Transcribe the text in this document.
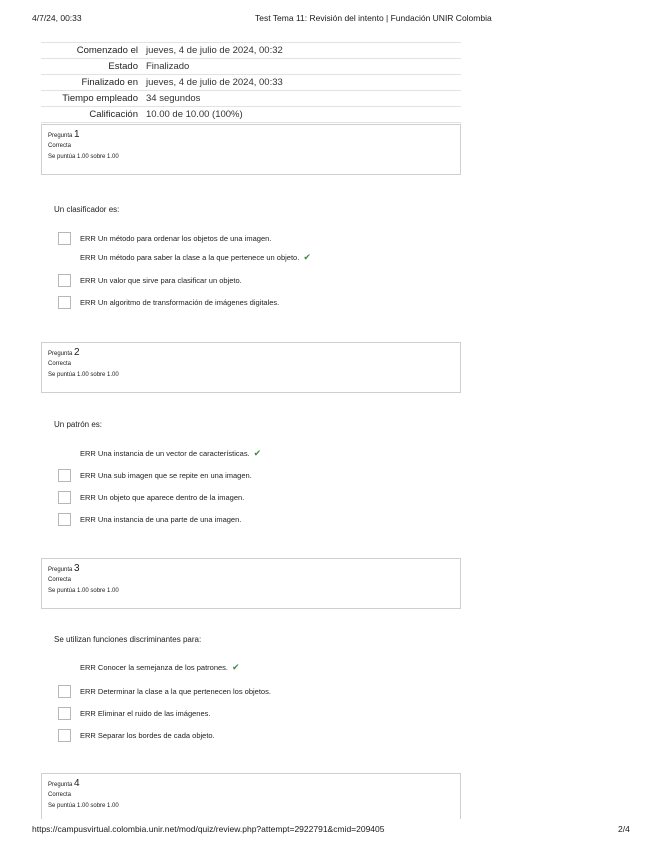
4/7/24, 00:33	Test Tema 11: Revisión del intento | Fundación UNIR Colombia
Comenzado el	jueves, 4 de julio de 2024, 00:32
Estado	Finalizado
Finalizado en	jueves, 4 de julio de 2024, 00:33
Tiempo empleado	34 segundos
Calificación	10.00 de 10.00 (100%)
Pregunta 1
Correcta
Se puntúa 1.00 sobre 1.00
Un clasificador es:
ERR Un método para ordenar los objetos de una imagen.
ERR Un método para saber la clase a la que pertenece un objeto. ✔
ERR Un valor que sirve para clasificar un objeto.
ERR Un algoritmo de transformación de imágenes digitales.
Pregunta 2
Correcta
Se puntúa 1.00 sobre 1.00
Un patrón es:
ERR Una instancia de un vector de características. ✔
ERR Una sub imagen que se repite en una imagen.
ERR Un objeto que aparece dentro de la imagen.
ERR Una instancia de una parte de una imagen.
Pregunta 3
Correcta
Se puntúa 1.00 sobre 1.00
Se utilizan funciones discriminantes para:
ERR Conocer la semejanza de los patrones. ✔
ERR Determinar la clase a la que pertenecen los objetos.
ERR Eliminar el ruido de las imágenes.
ERR Separar los bordes de cada objeto.
Pregunta 4
Correcta
Se puntúa 1.00 sobre 1.00
https://campusvirtual.colombia.unir.net/mod/quiz/review.php?attempt=2922791&cmid=209405	2/4
